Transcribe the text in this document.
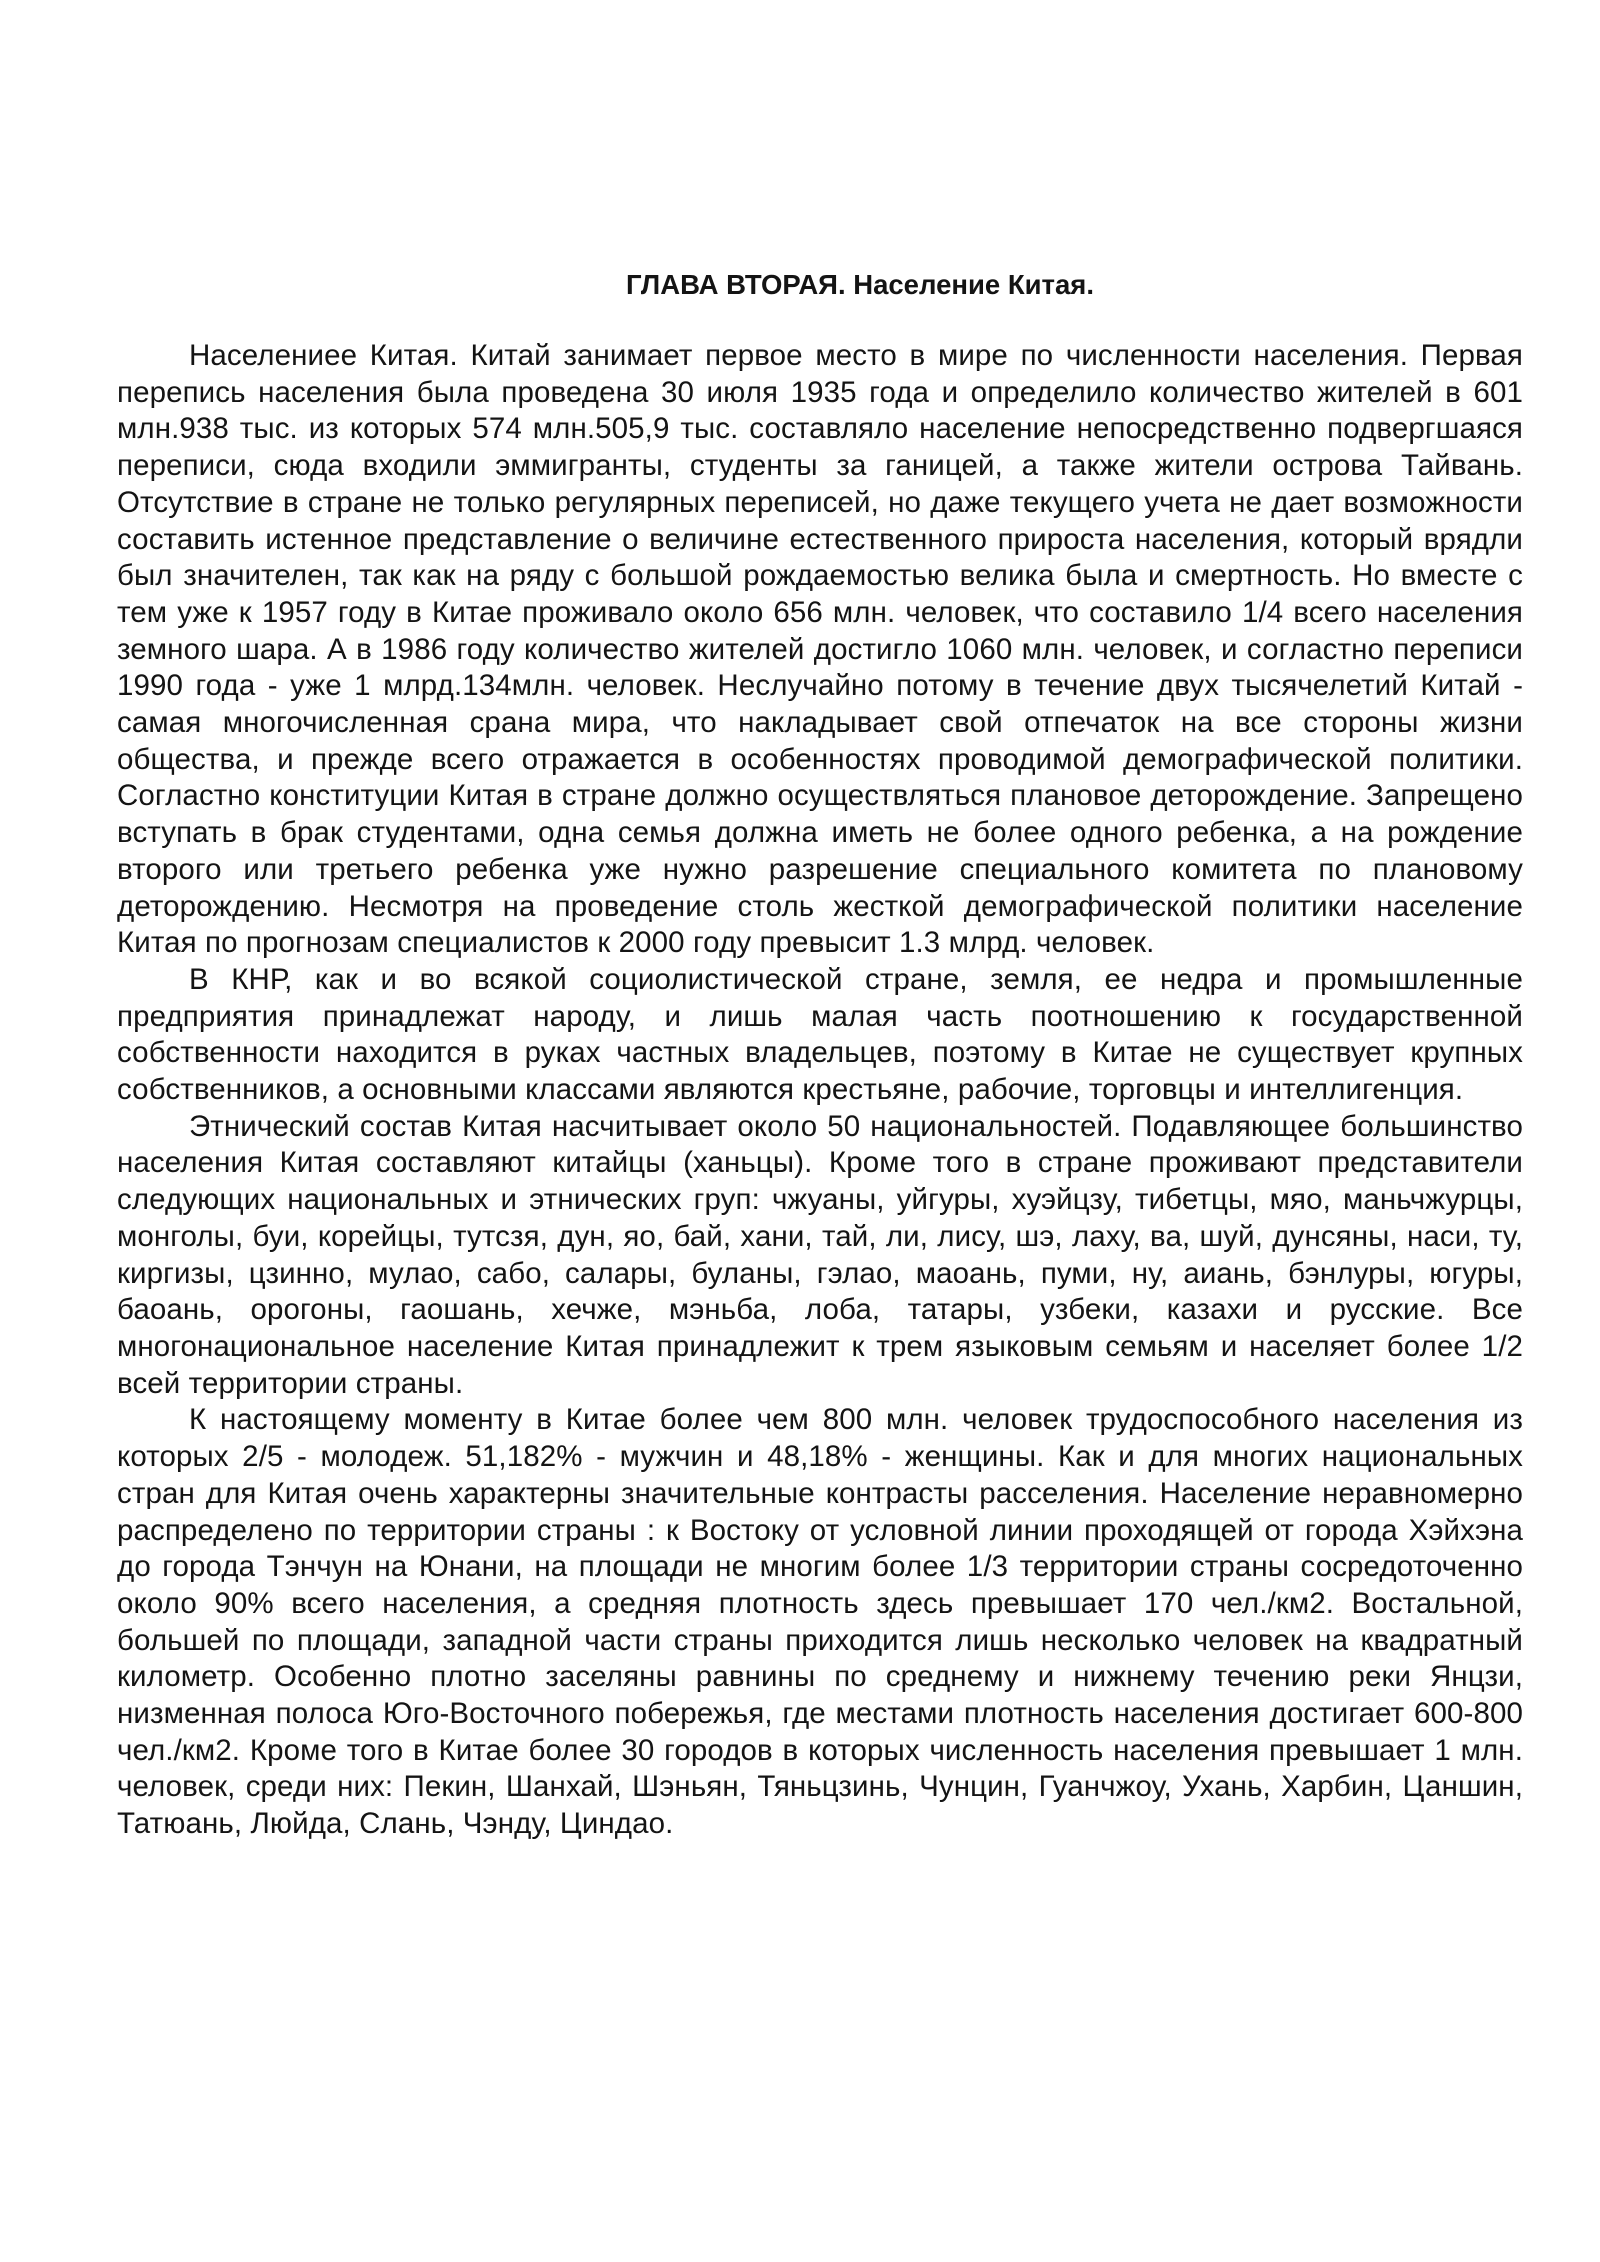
ГЛАВА ВТОРАЯ. Население Китая.

Населениее Китая. Китай занимает первое место в мире по численности населения. Первая перепись населения была проведена 30 июля 1935 года и определило количество жителей в 601 млн.938 тыс. из которых 574 млн.505,9 тыс. составляло население непосредственно подвергшаяся переписи, сюда входили эммигранты, студенты за ганицей, а также жители острова Тайвань. Отсутствие в стране не только регулярных переписей, но даже текущего учета не дает возможности составить истенное представление о величине естественного прироста населения, который врядли был значителен, так как на ряду с большой рождаемостью велика была и смертность. Но вместе с тем уже к 1957 году в Китае проживало около 656 млн. человек, что составило 1/4 всего населения земного шара. А в 1986 году количество жителей достигло 1060 млн. человек, и согластно переписи 1990 года - уже 1 млрд.134млн. человек. Неслучайно потому в течение двух тысячелетий Китай - самая многочисленная срана мира, что накладывает свой отпечаток на все стороны жизни общества, и прежде всего отражается в особенностях проводимой демографической политики. Согластно конституции Китая в стране должно осуществляться плановое деторождение. Запрещено вступать в брак студентами, одна семья должна иметь не более одного ребенка, а на рождение второго или третьего ребенка уже нужно разрешение специального комитета по плановому деторождению. Несмотря на проведение столь жесткой демографической политики население Китая по прогнозам специалистов к 2000 году превысит 1.3 млрд. человек.

В КНР, как и во всякой социолистической стране, земля, ее недра и промышленные предприятия принадлежат народу, и лишь малая часть поотношению к государственной собственности находится в руках частных владельцев, поэтому в Китае не существует крупных собственников, а основными классами являются крестьяне, рабочие, торговцы и интеллигенция.

Этнический состав Китая насчитывает около 50 национальностей. Подавляющее большинство населения Китая составляют китайцы (ханьцы). Кроме того в стране проживают представители следующих национальных и этнических груп: чжуаны, уйгуры, хуэйцзу, тибетцы, мяо, маньчжурцы, монголы, буи, корейцы, тутсзя, дун, яо, бай, хани, тай, ли, лису, шэ, лаху, ва, шуй, дунсяны, наси, ту, киргизы, цзинно, мулао, сабо, салары, буланы, гэлао, маоань, пуми, ну, аиань, бэнлуры, югуры, баоань, орогоны, гаошань, хечже, мэньба, лоба, татары, узбеки, казахи и русские. Все многонациональное население Китая принадлежит к трем языковым семьям и населяет более 1/2 всей территории страны.

К настоящему моменту в Китае более чем 800 млн. человек трудоспособного населения из которых 2/5 - молодеж. 51,182% - мужчин и 48,18% - женщины. Как и для многих национальных стран для Китая очень характерны значительные контрасты расселения. Население неравномерно распределено по территории страны : к Востоку от условной линии проходящей от города Хэйхэна до города Тэнчун на Юнани, на площади не многим более 1/3 территории страны сосредоточенно около 90% всего населения, а средняя плотность здесь превышает 170 чел./км2. Востальной, большей по площади, западной части страны приходится лишь несколько человек на квадратный километр. Особенно плотно заселяны равнины по среднему и нижнему течению реки Янцзи, низменная полоса Юго-Восточного побережья, где местами плотность населения достигает 600-800 чел./км2. Кроме того в Китае более 30 городов в которых численность населения превышает 1 млн. человек, среди них: Пекин, Шанхай, Шэньян, Тяньцзинь, Чунцин, Гуанчжоу, Ухань, Харбин, Цаншин, Татюань, Люйда, Слань, Чэнду, Циндао.
